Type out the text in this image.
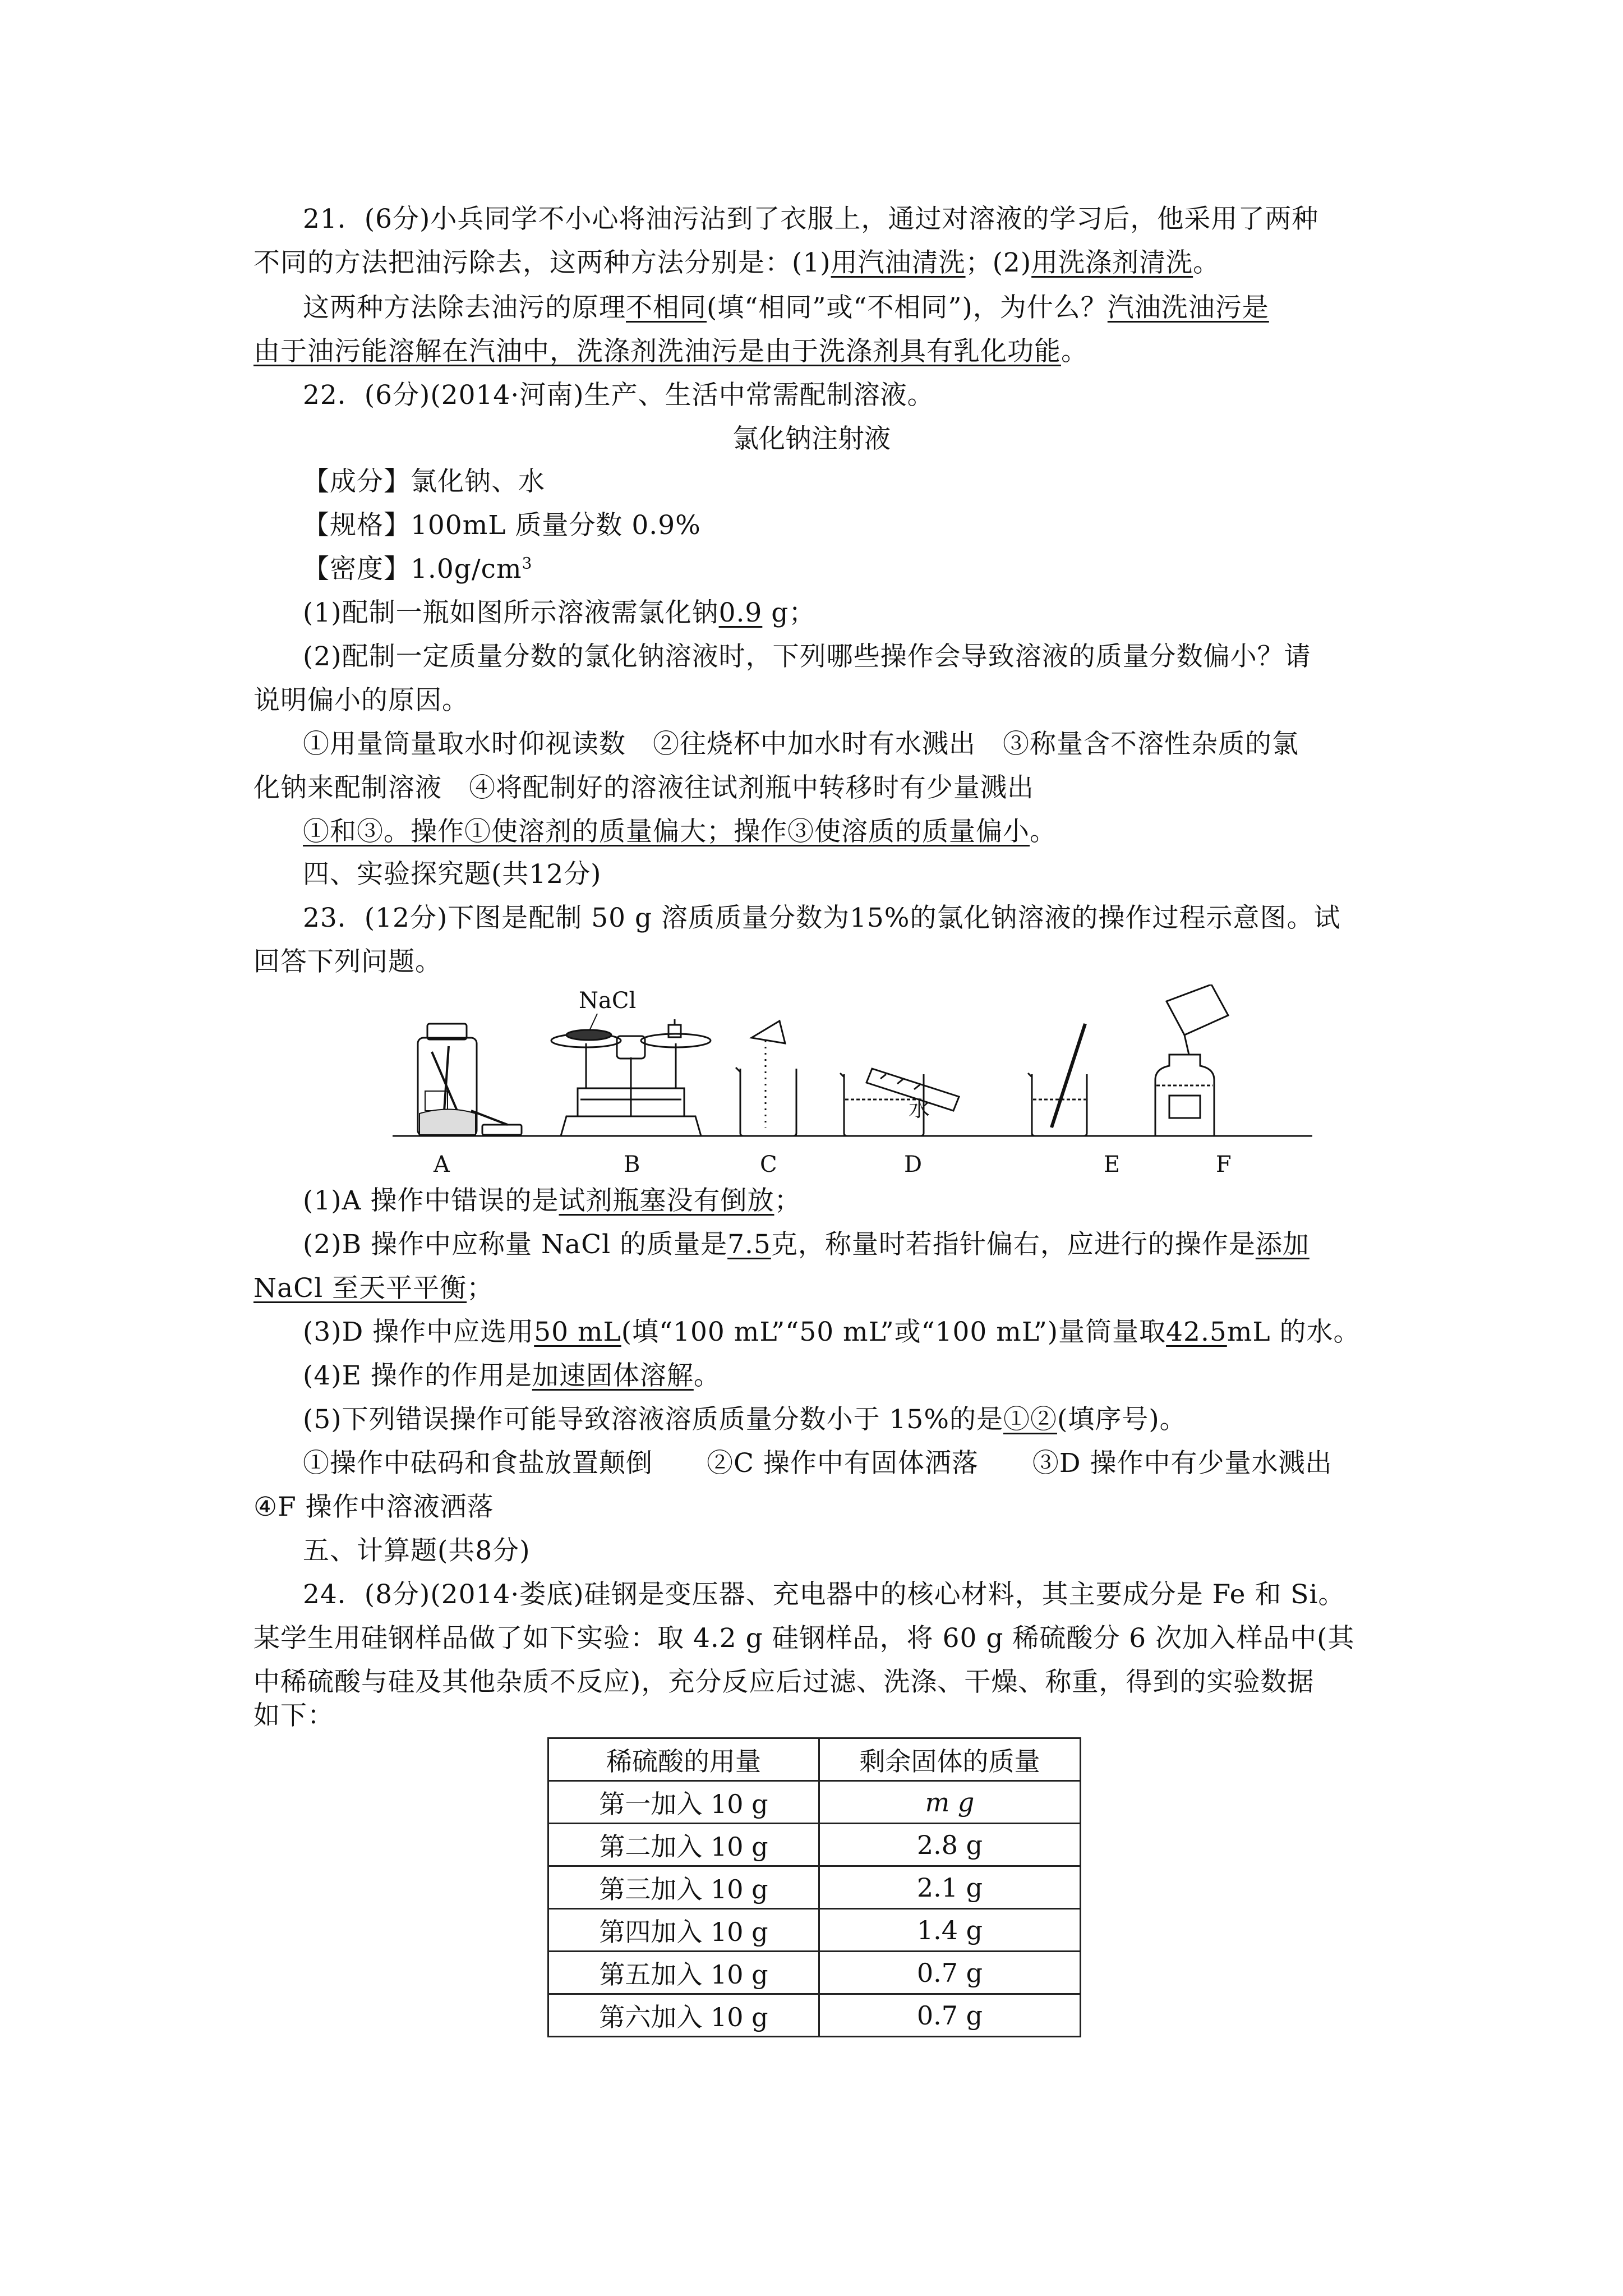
21．(6分)小兵同学不小心将油污沾到了衣服上，通过对溶液的学习后，他采用了两种
不同的方法把油污除去，这两种方法分别是：(1)用汽油清洗；(2)用洗涤剂清洗。
这两种方法除去油污的原理不相同(填“相同”或“不相同”)，为什么？汽油洗油污是
由于油污能溶解在汽油中，洗涤剂洗油污是由于洗涤剂具有乳化功能。
22．(6分)(2014·河南)生产、生活中常需配制溶液。
氯化钠注射液
【成分】氯化钠、水
【规格】100mL 质量分数 0.9%
【密度】$1.0g/cm^3$
(1)配制一瓶如图所示溶液需氯化钠0.9 g；
(2)配制一定质量分数的氯化钠溶液时，下列哪些操作会导致溶液的质量分数偏小？请
说明偏小的原因。
①用量筒量取水时仰视读数　②往烧杯中加水时有水溅出　③称量含不溶性杂质的氯
化钠来配制溶液　④将配制好的溶液往试剂瓶中转移时有少量溅出
①和③。操作①使溶剂的质量偏大；操作③使溶质的质量偏小。
四、实验探究题(共12分)
23．(12分)下图是配制 50 g 溶质质量分数为15%的氯化钠溶液的操作过程示意图。试
回答下列问题。
NaCl
水
A	B	C	D	E	F
(1)A 操作中错误的是试剂瓶塞没有倒放；
(2)B 操作中应称量 NaCl 的质量是7.5克，称量时若指针偏右，应进行的操作是添加
NaCl 至天平平衡；
(3)D 操作中应选用50 mL(填“100 mL”“50 mL”或“100 mL”)量筒量取42.5mL 的水。
(4)E 操作的作用是加速固体溶解。
(5)下列错误操作可能导致溶液溶质质量分数小于 15%的是①②(填序号)。
①操作中砝码和食盐放置颠倒　　②C 操作中有固体洒落　　③D 操作中有少量水溅出
④F 操作中溶液洒落
五、计算题(共8分)
24．(8分)(2014·娄底)硅钢是变压器、充电器中的核心材料，其主要成分是 Fe 和 Si。
某学生用硅钢样品做了如下实验：取 4.2 g 硅钢样品，将 60 g 稀硫酸分 6 次加入样品中(其
中稀硫酸与硅及其他杂质不反应)，充分反应后过滤、洗涤、干燥、称重，得到的实验数据
如下：
稀硫酸的用量	剩余固体的质量
第一加入 10 g	m g
第二加入 10 g	2.8 g
第三加入 10 g	2.1 g
第四加入 10 g	1.4 g
第五加入 10 g	0.7 g
第六加入 10 g	0.7 g
